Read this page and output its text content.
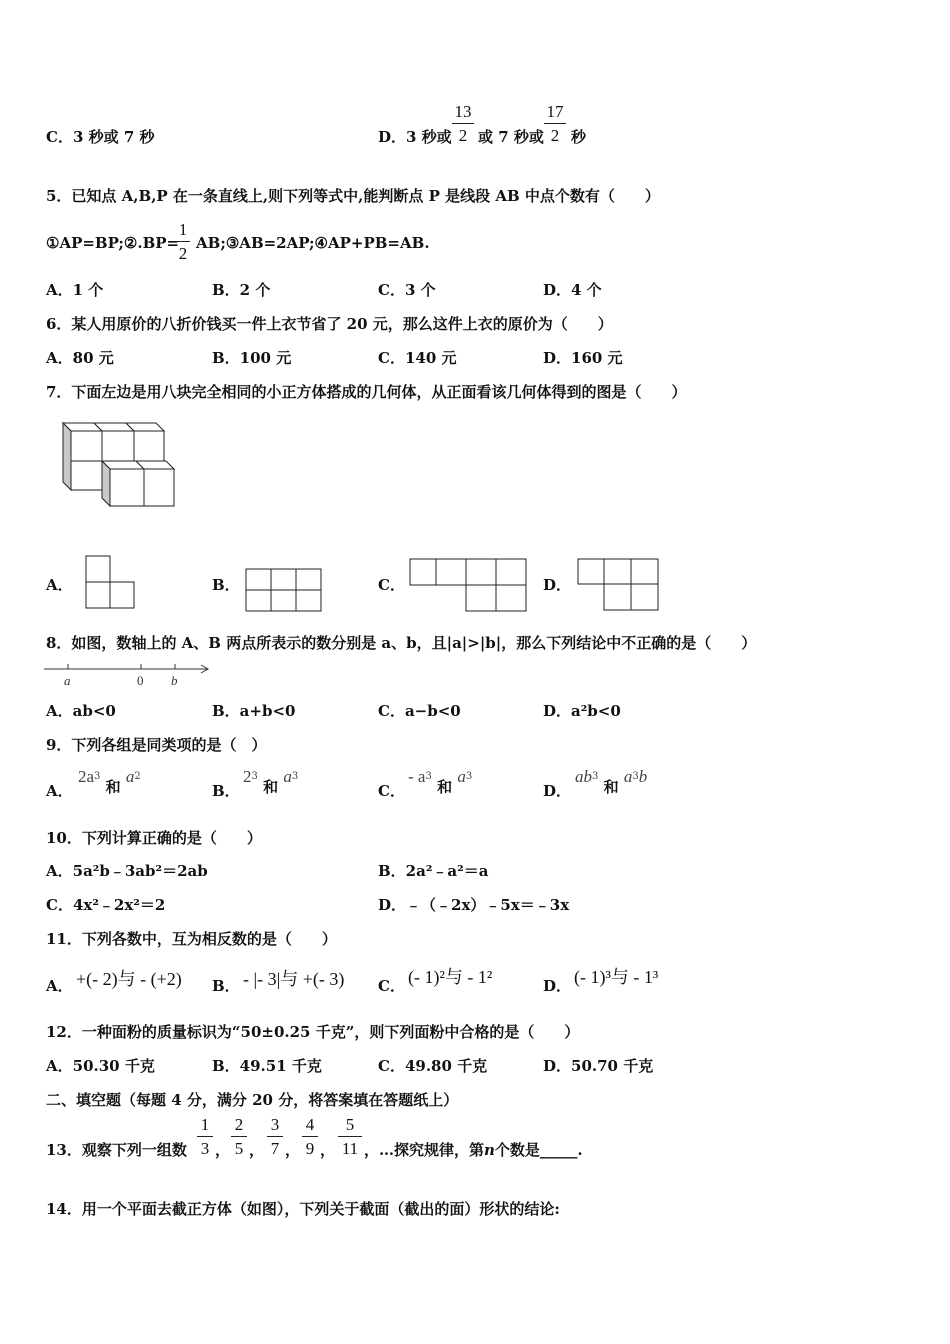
C．3 秒或 7 秒	D．3 秒或
13
2 或 7 秒或
17
2 秒
5．已知点 A,B,P 在一条直线上,则下列等式中,能判断点 P 是线段 AB 中点个数有（　　）
①AP=BP;②.BP=
1
2
AB;③AB=2AP;④AP+PB=AB.
A．1 个	B．2 个	C．3 个	D．4 个
6．某人用原价的八折价钱买一件上衣节省了 20 元，那么这件上衣的原价为（　　）
A．80 元	B．100 元	C．140 元	D．160 元
7．下面左边是用八块完全相同的小正方体搭成的几何体，从正面看该几何体得到的图是（　　）
A．	B．	C．	D．
8．如图，数轴上的 A、B 两点所表示的数分别是 a、b，且|a|>|b|，那么下列结论中不正确的是（　　）
a	0 b
A．ab<0	B．a+b<0	C．a−b<0	D．a²b<0
9．下列各组是同类项的是（　）
A．
$2a^3$ 和 $a^2$
B．
$2^3$ 和 $a^3$
C．
- $a^3$ 和 $a^3$
D．
$ab^3$ 和 $a^3b$
10．下列计算正确的是（　　）
A．5a²b﹣3ab²＝2ab	B．2a²﹣a²＝a
C．4x²﹣2x²＝2	D．﹣（﹣2x）﹣5x＝﹣3x
11．下列各数中，互为相反数的是（　　）
A． +(- 2)与 - (+2) B． - |- 3|与 +(- 3) C． (- 1)²与 - 1²	D． (- 1)³与 - 1³
12．一种面粉的质量标识为“50±0.25 千克”，则下列面粉中合格的是（　　）
A．50.30 千克	B．49.51 千克	C．49.80 千克	D．50.70 千克
二、填空题（每题 4 分，满分 20 分，将答案填在答题纸上）
13．观察下列一组数
1
3 ，
2
5 ，
3
7 ，
4
9 ，
5
11 ，…探究规律，第n个数是_____.
14．用一个平面去截正方体（如图），下列关于截面（截出的面）形状的结论:
